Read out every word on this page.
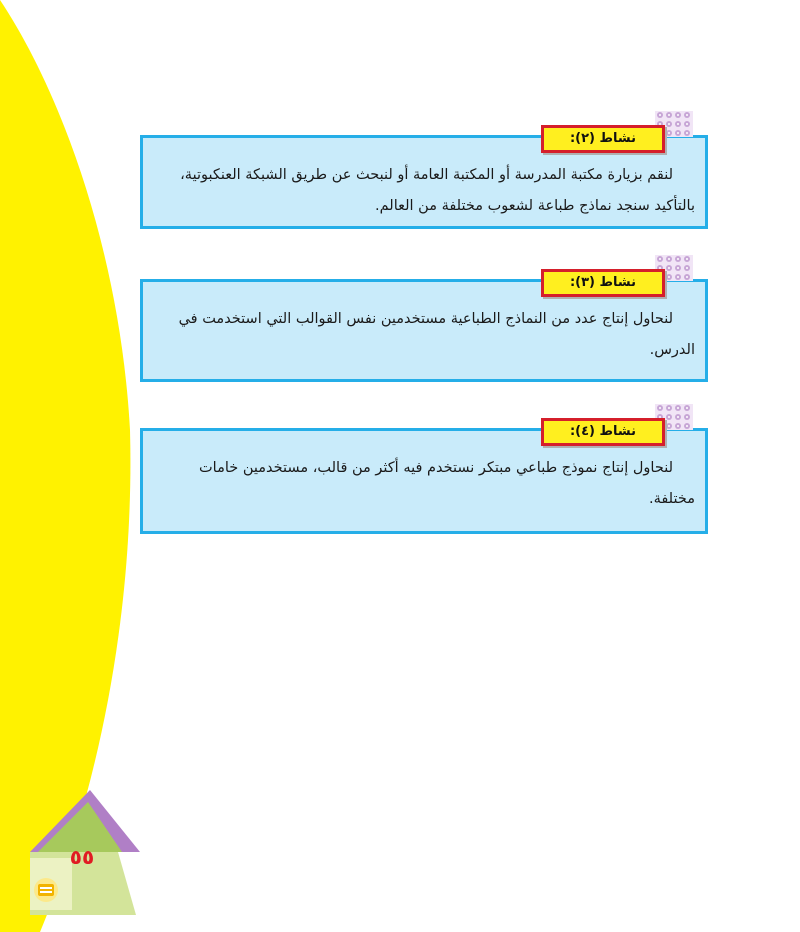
نشاط (٢):

لنقم بزيارة مكتبة المدرسة أو المكتبة العامة أو لنبحث عن طريق الشبكة العنكبوتية، بالتأكيد سنجد نماذج طباعة لشعوب مختلفة من العالم.

نشاط (٣):

لنحاول إنتاج عدد من النماذج الطباعية مستخدمين نفس القوالب التي استخدمت في الدرس.

نشاط (٤):

لنحاول إنتاج نموذج طباعي مبتكر نستخدم فيه أكثر من قالب، مستخدمين خامات مختلفة.

٥٥
